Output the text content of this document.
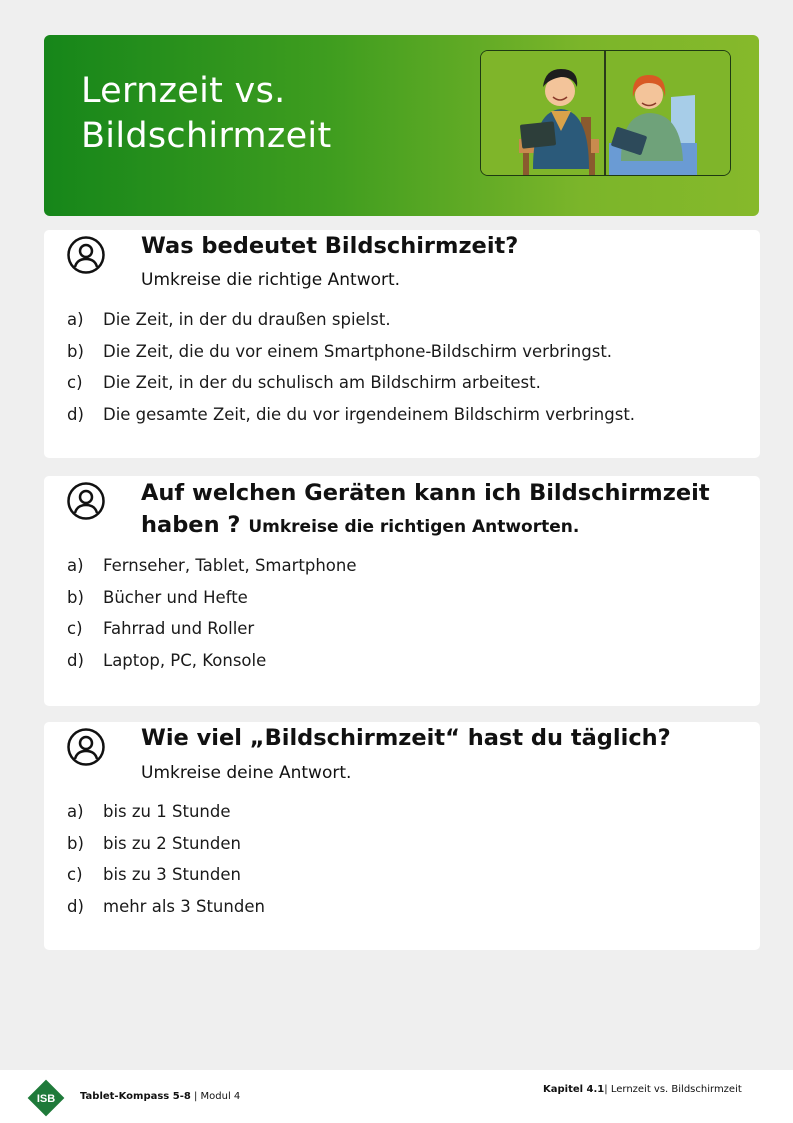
Lernzeit vs.
Bildschirmzeit
Was bedeutet Bildschirmzeit?

Umkreise die richtige Antwort.

a)	Die Zeit, in der du draußen spielst.
b)	Die Zeit, die du vor einem Smartphone-Bildschirm verbringst.
c)	Die Zeit, in der du schulisch am Bildschirm arbeitest.
d)	Die gesamte Zeit, die du vor irgendeinem Bildschirm verbringst.
Auf welchen Geräten kann ich Bildschirmzeit
haben ? Umkreise die richtigen Antworten.
a)	Fernseher, Tablet, Smartphone
b)	Bücher und Hefte
c)	Fahrrad und Roller
d)	Laptop, PC, Konsole
Wie viel „Bildschirmzeit“ hast du täglich?

Umkreise deine Antwort.

a)	bis zu 1 Stunde
b)	bis zu 2 Stunden
c)	bis zu 3 Stunden
d)	mehr als 3 Stunden
ISB Tablet-Kompass 5-8 | Modul 4
Kapitel 4.1| Lernzeit vs. Bildschirmzeit
